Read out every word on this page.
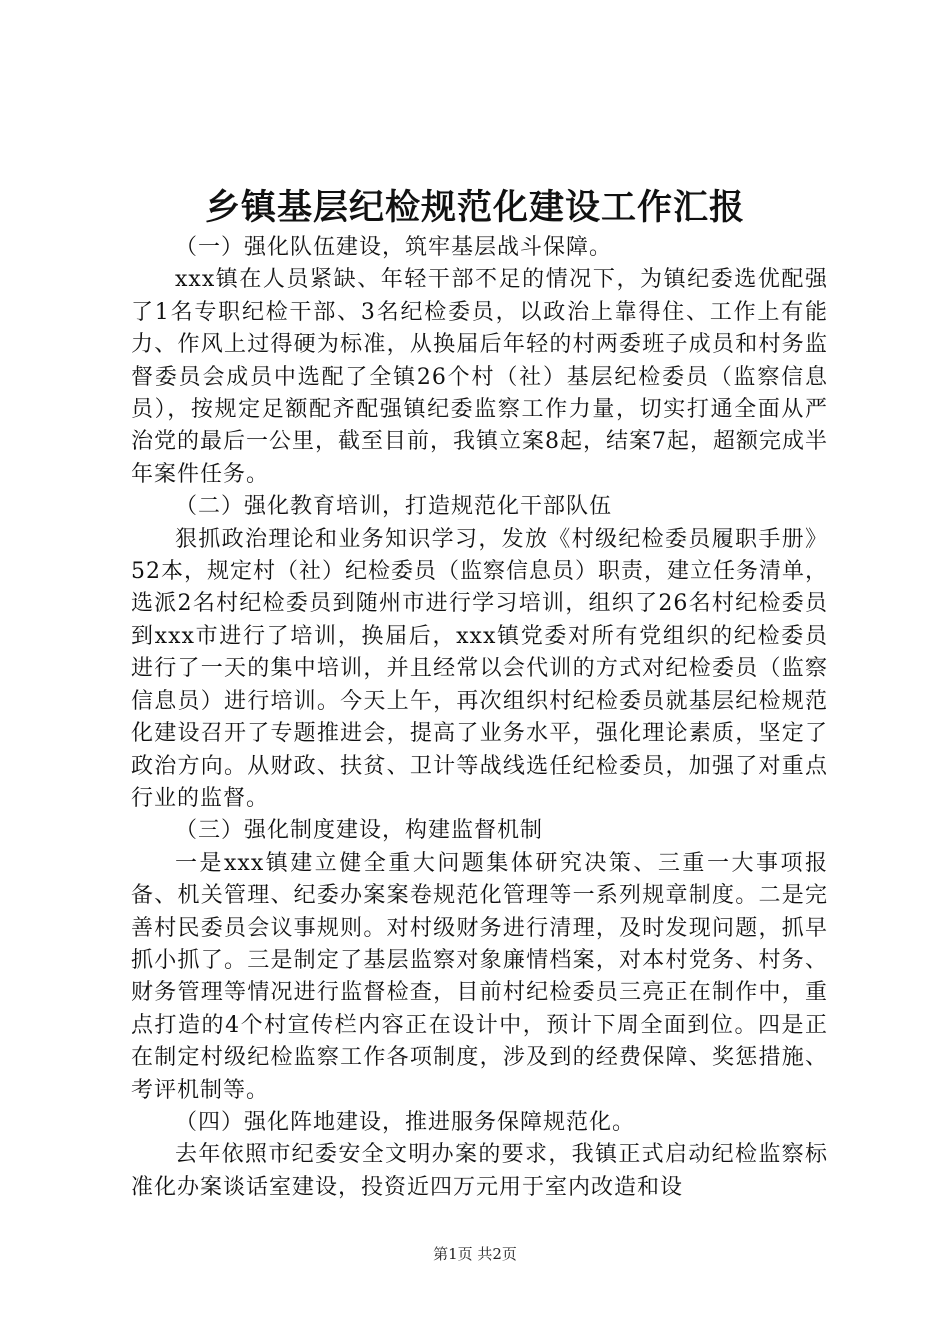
乡镇基层纪检规范化建设工作汇报

（一）强化队伍建设，筑牢基层战斗保障。

xxx镇在人员紧缺、年轻干部不足的情况下，为镇纪委选优配强了1名专职纪检干部、3名纪检委员，以政治上靠得住、工作上有能力、作风上过得硬为标准，从换届后年轻的村两委班子成员和村务监督委员会成员中选配了全镇26个村（社）基层纪检委员（监察信息员），按规定足额配齐配强镇纪委监察工作力量，切实打通全面从严治党的最后一公里，截至目前，我镇立案8起，结案7起，超额完成半年案件任务。

（二）强化教育培训，打造规范化干部队伍

狠抓政治理论和业务知识学习，发放《村级纪检委员履职手册》52本，规定村（社）纪检委员（监察信息员）职责，建立任务清单，选派2名村纪检委员到随州市进行学习培训，组织了26名村纪检委员到xxx市进行了培训，换届后，xxx镇党委对所有党组织的纪检委员进行了一天的集中培训，并且经常以会代训的方式对纪检委员（监察信息员）进行培训。今天上午，再次组织村纪检委员就基层纪检规范化建设召开了专题推进会，提高了业务水平，强化理论素质，坚定了政治方向。从财政、扶贫、卫计等战线选任纪检委员，加强了对重点行业的监督。

（三）强化制度建设，构建监督机制

一是xxx镇建立健全重大问题集体研究决策、三重一大事项报备、机关管理、纪委办案案卷规范化管理等一系列规章制度。二是完善村民委员会议事规则。对村级财务进行清理，及时发现问题，抓早抓小抓了。三是制定了基层监察对象廉情档案，对本村党务、村务、财务管理等情况进行监督检查，目前村纪检委员三亮正在制作中，重点打造的4个村宣传栏内容正在设计中，预计下周全面到位。四是正在制定村级纪检监察工作各项制度，涉及到的经费保障、奖惩措施、考评机制等。

（四）强化阵地建设，推进服务保障规范化。

去年依照市纪委安全文明办案的要求，我镇正式启动纪检监察标准化办案谈话室建设，投资近四万元用于室内改造和设

第1页 共2页
